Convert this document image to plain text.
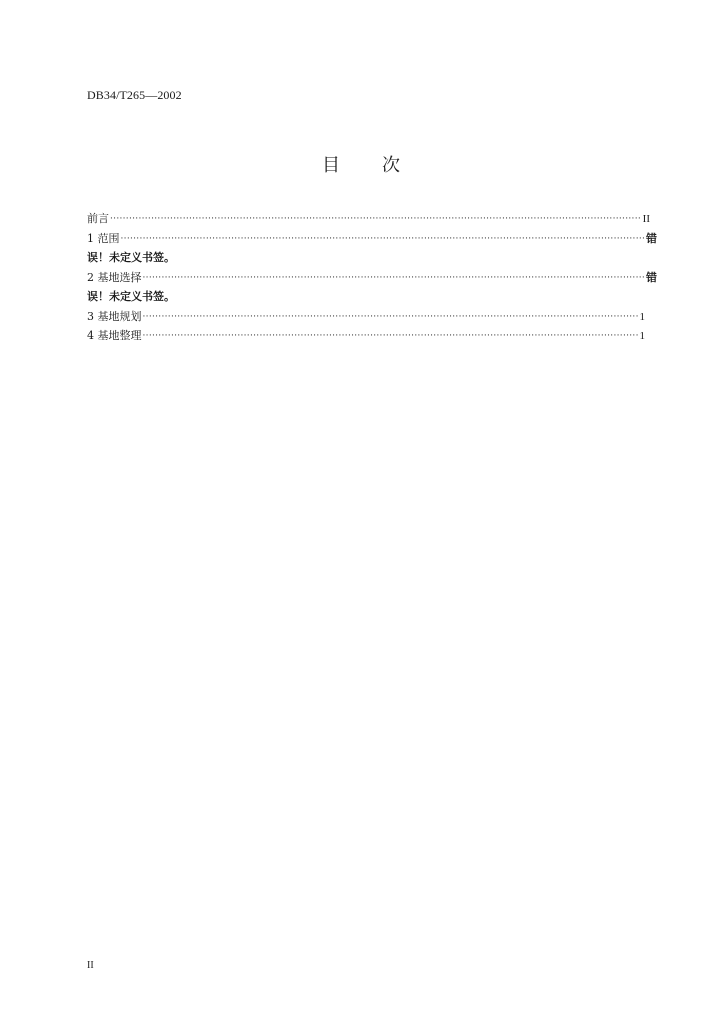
DB34/T265—2002
目 次
前言 ·····	II
1 范围 ·····	错
误！未定义书签。
2 基地选择 ·····	错
误！未定义书签。
3 基地规划 ·····	1
4 基地整理 ·····	1
II
